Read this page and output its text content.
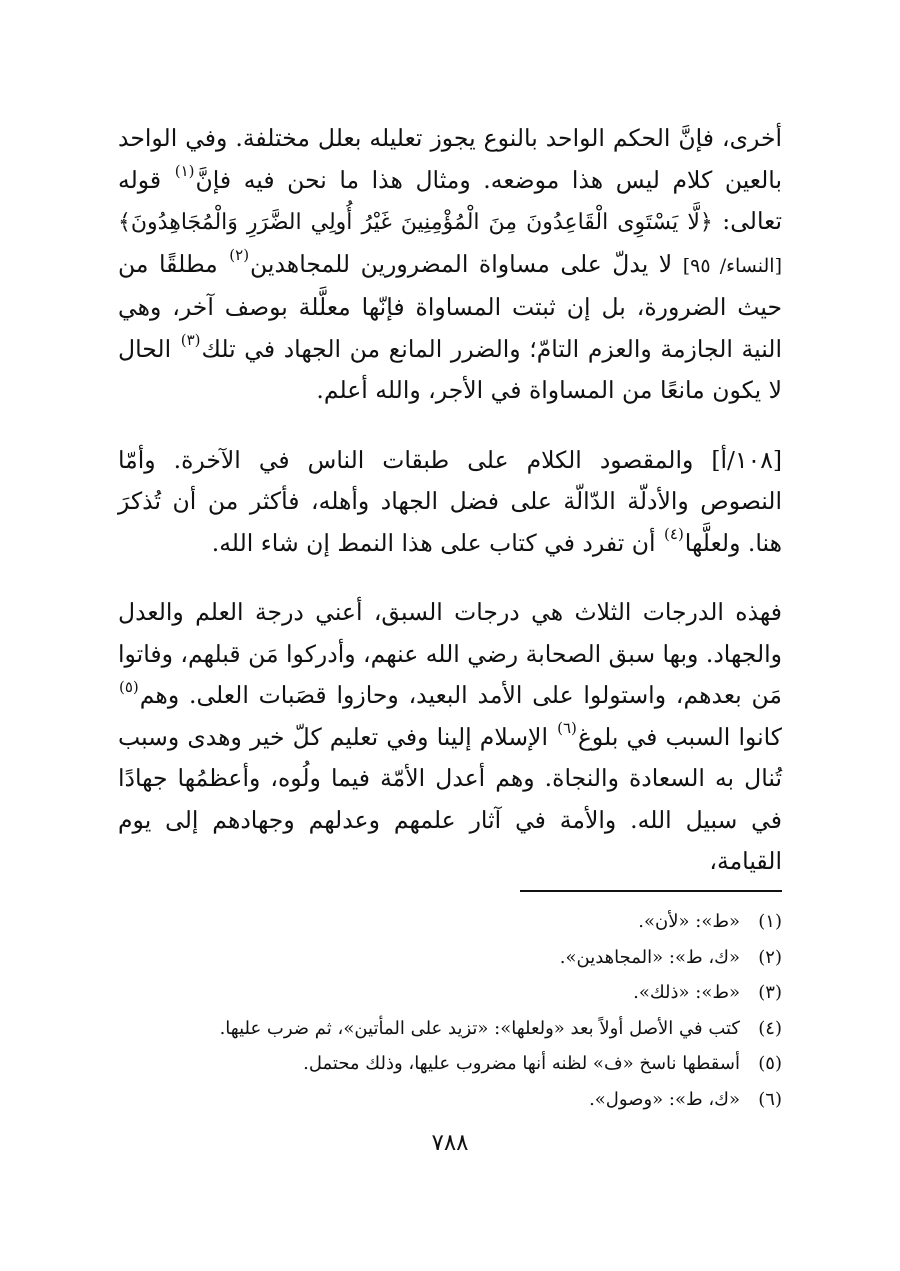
أخرى، فإنَّ الحكم الواحد بالنوع يجوز تعليله بعلل مختلفة. وفي الواحد بالعين كلام ليس هذا موضعه. ومثال هذا ما نحن فيه فإنَّ$^{(١)}$ قوله تعالى: ﴿لَّا يَسْتَوِى الْقَاعِدُونَ مِنَ الْمُؤْمِنِينَ غَيْرُ أُولِي الضَّرَرِ وَالْمُجَاهِدُونَ﴾[النساء/ ٩٥] لا يدلّ على مساواة المضرورين للمجاهدين$^{(٢)}$ مطلقًا من حيث الضرورة، بل إن ثبتت المساواة فإنّها معلَّلة بوصف آخر، وهي النية الجازمة والعزم التامّ؛ والضرر المانع من الجهاد في تلك$^{(٣)}$ الحال لا يكون مانعًا من المساواة في الأجر، والله أعلم.

[١٠٨/أ] والمقصود الكلام على طبقات الناس في الآخرة. وأمّا النصوص والأدلّة الدّالّة على فضل الجهاد وأهله، فأكثر من أن تُذكرَ هنا. ولعلَّها$^{(٤)}$ أن تفرد في كتاب على هذا النمط إن شاء الله.

فهذه الدرجات الثلاث هي درجات السبق، أعني درجة العلم والعدل والجهاد. وبها سبق الصحابة رضي الله عنهم، وأدركوا مَن قبلهم، وفاتوا مَن بعدهم، واستولوا على الأمد البعيد، وحازوا قصَبات العلى. وهم$^{(٥)}$ كانوا السبب في بلوغ$^{(٦)}$ الإسلام إلينا وفي تعليم كلّ خير وهدى وسبب تُنال به السعادة والنجاة. وهم أعدل الأمّة فيما ولُوه، وأعظمُها جهادًا في سبيل الله. والأمة في آثار علمهم وعدلهم وجهادهم إلى يوم القيامة،

(١)
«ط»: «لأن».
(٢)
«ك، ط»: «المجاهدين».
(٣)
«ط»: «ذلك».
(٤)
كتب في الأصل أولاً بعد «ولعلها»: «تزيد على المأتين»، ثم ضرب عليها.
(٥)
أسقطها ناسخ «ف» لظنه أنها مضروب عليها، وذلك محتمل.
(٦)
«ك، ط»: «وصول».
٧٨٨
